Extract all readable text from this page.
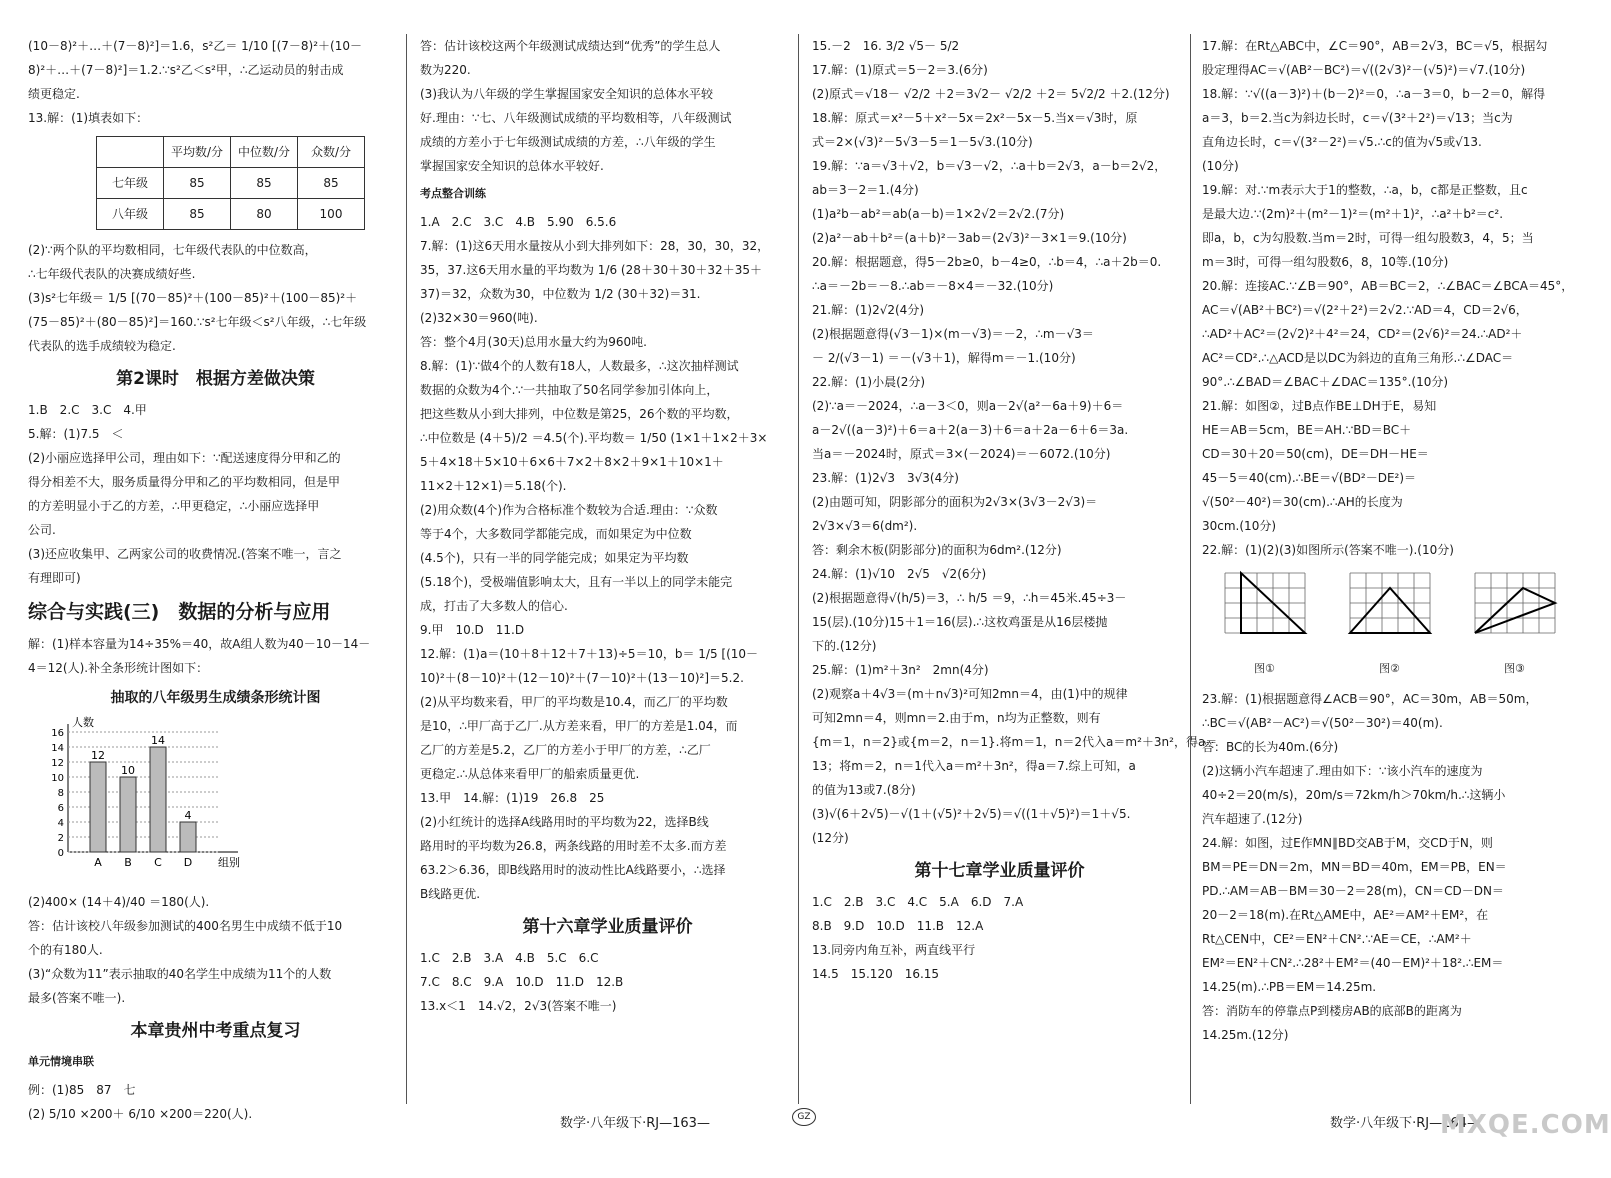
(10－8)²＋…＋(7－8)²]＝1.6，s²乙＝ 1/10 [(7－8)²＋(10－
8)²＋…＋(7－8)²]＝1.2.∵s²乙＜s²甲，∴乙运动员的射击成
绩更稳定.
13.解：(1)填表如下：
	平均数/分	中位数/分	众数/分
七年级	85	85	85
八年级	85	80	100
(2)∵两个队的平均数相同，七年级代表队的中位数高，
∴七年级代表队的决赛成绩好些.
(3)s²七年级＝ 1/5 [(70－85)²＋(100－85)²＋(100－85)²＋
(75－85)²＋(80－85)²]＝160.∵s²七年级＜s²八年级，∴七年级
代表队的选手成绩较为稳定.
第2课时　根据方差做决策
1.B　2.C　3.C　4.甲
5.解：(1)7.5　＜
(2)小丽应选择甲公司，理由如下：∵配送速度得分甲和乙的
得分相差不大，服务质量得分甲和乙的平均数相同，但是甲
的方差明显小于乙的方差，∴甲更稳定，∴小丽应选择甲
公司.
(3)还应收集甲、乙两家公司的收费情况.(答案不唯一，言之
有理即可)
综合与实践(三)　数据的分析与应用
解：(1)样本容量为14÷35%＝40，故A组人数为40－10－14－
4＝12(人).补全条形统计图如下：
抽取的八年级男生成绩条形统计图
0
2
4
6
8
10
12
14
16
人数
组别
12
A
10
B
14
C
4
D
(2)400× (14＋4)/40 ＝180(人).
答：估计该校八年级参加测试的400名男生中成绩不低于10
个的有180人.
(3)“众数为11”表示抽取的40名学生中成绩为11个的人数
最多(答案不唯一).
本章贵州中考重点复习
单元情境串联
例：(1)85　87　七
(2) 5/10 ×200＋ 6/10 ×200＝220(人).
答：估计该校这两个年级测试成绩达到“优秀”的学生总人
数为220.
(3)我认为八年级的学生掌握国家安全知识的总体水平较
好.理由：∵七、八年级测试成绩的平均数相等，八年级测试
成绩的方差小于七年级测试成绩的方差，∴八年级的学生
掌握国家安全知识的总体水平较好.
考点整合训练
1.A　2.C　3.C　4.B　5.90　6.5.6
7.解：(1)这6天用水量按从小到大排列如下：28，30，30，32，
35，37.这6天用水量的平均数为 1/6 (28＋30＋30＋32＋35＋
37)＝32，众数为30，中位数为 1/2 (30＋32)＝31.
(2)32×30＝960(吨).
答：整个4月(30天)总用水量大约为960吨.
8.解：(1)∵做4个的人数有18人，人数最多，∴这次抽样测试
数据的众数为4个.∵一共抽取了50名同学参加引体向上，
把这些数从小到大排列，中位数是第25，26个数的平均数，
∴中位数是 (4＋5)/2 ＝4.5(个).平均数＝ 1/50 (1×1＋1×2＋3×
5＋4×18＋5×10＋6×6＋7×2＋8×2＋9×1＋10×1＋
11×2＋12×1)＝5.18(个).
(2)用众数(4个)作为合格标准个数较为合适.理由：∵众数
等于4个，大多数同学都能完成，而如果定为中位数
(4.5个)，只有一半的同学能完成；如果定为平均数
(5.18个)，受极端值影响太大，且有一半以上的同学未能完
成，打击了大多数人的信心.
9.甲　10.D　11.D
12.解：(1)a＝(10＋8＋12＋7＋13)÷5＝10，b＝ 1/5 [(10－
10)²＋(8－10)²＋(12－10)²＋(7－10)²＋(13－10)²]＝5.2.
(2)从平均数来看，甲厂的平均数是10.4，而乙厂的平均数
是10，∴甲厂高于乙厂.从方差来看，甲厂的方差是1.04，而
乙厂的方差是5.2，乙厂的方差小于甲厂的方差，∴乙厂
更稳定.∴从总体来看甲厂的船索质量更优.
13.甲　14.解：(1)19　26.8　25
(2)小红统计的选择A线路用时的平均数为22，选择B线
路用时的平均数为26.8，两条线路的用时差不太多.而方差
63.2＞6.36，即B线路用时的波动性比A线路要小，∴选择
B线路更优.
第十六章学业质量评价
1.C　2.B　3.A　4.B　5.C　6.C
7.C　8.C　9.A　10.D　11.D　12.B
13.x＜1　14.√2，2√3(答案不唯一)
15.－2　16. 3/2 √5－ 5/2
17.解：(1)原式＝5－2＝3.(6分)
(2)原式＝√18－ √2/2 ＋2＝3√2－ √2/2 ＋2＝ 5√2/2 ＋2.(12分)
18.解：原式＝x²－5＋x²－5x＝2x²－5x－5.当x＝√3时，原
式＝2×(√3)²－5√3－5＝1－5√3.(10分)
19.解：∵a＝√3＋√2，b＝√3－√2，∴a＋b＝2√3，a－b＝2√2，
ab＝3－2＝1.(4分)
(1)a²b－ab²＝ab(a－b)＝1×2√2＝2√2.(7分)
(2)a²－ab＋b²＝(a＋b)²－3ab＝(2√3)²－3×1＝9.(10分)
20.解：根据题意，得5－2b≥0，b－4≥0，∴b＝4，∴a＋2b＝0.
∴a＝－2b＝－8.∴ab＝－8×4＝－32.(10分)
21.解：(1)2√2(4分)
(2)根据题意得(√3－1)×(m－√3)＝－2，∴m－√3＝
－ 2/(√3－1) ＝－(√3＋1)，解得m＝－1.(10分)
22.解：(1)小晨(2分)
(2)∵a＝－2024，∴a－3＜0，则a－2√(a²－6a＋9)＋6＝
a－2√((a－3)²)＋6＝a＋2(a－3)＋6＝a＋2a－6＋6＝3a.
当a＝－2024时，原式＝3×(－2024)＝－6072.(10分)
23.解：(1)2√3　3√3(4分)
(2)由题可知，阴影部分的面积为2√3×(3√3－2√3)＝
2√3×√3＝6(dm²).
答：剩余木板(阴影部分)的面积为6dm².(12分)
24.解：(1)√10　2√5　√2(6分)
(2)根据题意得√(h/5)＝3，∴ h/5 ＝9，∴h＝45米.45÷3－
15(层).(10分)15＋1＝16(层).∴这枚鸡蛋是从16层楼抛
下的.(12分)
25.解：(1)m²＋3n²　2mn(4分)
(2)观察a＋4√3＝(m＋n√3)²可知2mn＝4，由(1)中的规律
可知2mn＝4，则mn＝2.由于m，n均为正整数，则有
{m＝1，n＝2}或{m＝2，n＝1}.将m＝1，n＝2代入a＝m²＋3n²，得a＝
13；将m＝2，n＝1代入a＝m²＋3n²，得a＝7.综上可知，a
的值为13或7.(8分)
(3)√(6＋2√5)－√(1＋(√5)²＋2√5)＝√((1＋√5)²)＝1＋√5.
(12分)
第十七章学业质量评价
1.C　2.B　3.C　4.C　5.A　6.D　7.A
8.B　9.D　10.D　11.B　12.A
13.同旁内角互补，两直线平行
14.5　15.120　16.15
17.解：在Rt△ABC中，∠C＝90°，AB＝2√3，BC＝√5，根据勾
股定理得AC＝√(AB²－BC²)＝√((2√3)²－(√5)²)＝√7.(10分)
18.解：∵√((a－3)²)＋(b－2)²＝0，∴a－3＝0，b－2＝0，解得
a＝3，b＝2.当c为斜边长时，c＝√(3²＋2²)＝√13；当c为
直角边长时，c＝√(3²－2²)＝√5.∴c的值为√5或√13.
(10分)
19.解：对.∵m表示大于1的整数，∴a，b，c都是正整数，且c
是最大边.∵(2m)²＋(m²－1)²＝(m²＋1)²，∴a²＋b²＝c².
即a，b，c为勾股数.当m＝2时，可得一组勾股数3，4，5；当
m＝3时，可得一组勾股数6，8，10等.(10分)
20.解：连接AC.∵∠B＝90°，AB＝BC＝2，∴∠BAC＝∠BCA＝45°，
AC＝√(AB²＋BC²)＝√(2²＋2²)＝2√2.∵AD＝4，CD＝2√6，
∴AD²＋AC²＝(2√2)²＋4²＝24，CD²＝(2√6)²＝24.∴AD²＋
AC²＝CD².∴△ACD是以DC为斜边的直角三角形.∴∠DAC＝
90°.∴∠BAD＝∠BAC＋∠DAC＝135°.(10分)
21.解：如图②，过B点作BE⊥DH于E，易知
HE＝AB＝5cm，BE＝AH.∵BD＝BC＋
CD＝30＋20＝50(cm)，DE＝DH－HE＝
45－5＝40(cm).∴BE＝√(BD²－DE²)＝
√(50²－40²)＝30(cm).∴AH的长度为
30cm.(10分)
22.解：(1)(2)(3)如图所示(答案不唯一).(10分)
图①	图②	图③
23.解：(1)根据题意得∠ACB＝90°，AC＝30m，AB＝50m，
∴BC＝√(AB²－AC²)＝√(50²－30²)＝40(m).
答：BC的长为40m.(6分)
(2)这辆小汽车超速了.理由如下：∵该小汽车的速度为
40÷2＝20(m/s)，20m/s＝72km/h＞70km/h.∴这辆小
汽车超速了.(12分)
24.解：如图，过E作MN∥BD交AB于M，交CD于N，则
BM＝PE＝DN＝2m，MN＝BD＝40m，EM＝PB，EN＝
PD.∴AM＝AB－BM＝30－2＝28(m)，CN＝CD－DN＝
20－2＝18(m).在Rt△AME中，AE²＝AM²＋EM²，在
Rt△CEN中，CE²＝EN²＋CN².∵AE＝CE，∴AM²＋
EM²＝EN²＋CN².∴28²＋EM²＝(40－EM)²＋18².∴EM＝
14.25(m).∴PB＝EM＝14.25m.
答：消防车的停靠点P到楼房AB的底部B的距离为
14.25m.(12分)
数学·八年级下·RJ—163—	GZ	数学·八年级下·RJ—164—
MXQE.COM
